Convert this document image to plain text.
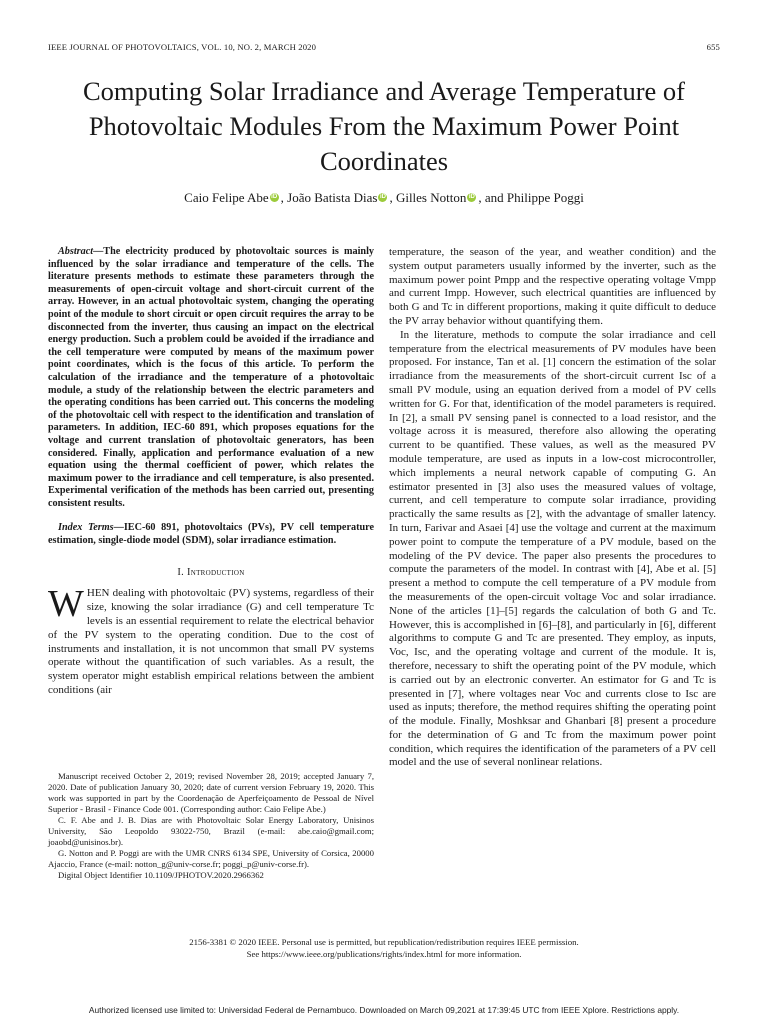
IEEE JOURNAL OF PHOTOVOLTAICS, VOL. 10, NO. 2, MARCH 2020	655
Computing Solar Irradiance and Average Temperature of Photovoltaic Modules From the Maximum Power Point Coordinates
Caio Felipe Abe iD , João Batista Dias iD , Gilles Notton iD , and Philippe Poggi
Abstract—The electricity produced by photovoltaic sources is mainly influenced by the solar irradiance and temperature of the cells. The literature presents methods to estimate these parameters through the measurements of open-circuit voltage and short-circuit current of the array. However, in an actual photovoltaic system, changing the operating point of the module to short circuit or open circuit requires the array to be disconnected from the inverter, thus causing an impact on the electrical energy production. Such a problem could be avoided if the irradiance and the cell temperature were computed by means of the maximum power point coordinates, which is the focus of this article. To perform the calculation of the irradiance and the temperature of a photovoltaic module, a study of the relationship between the electric parameters and the operating conditions has been carried out. This concerns the modeling of the photovoltaic cell with respect to the identification and translation of parameters. In addition, IEC-60 891, which proposes equations for the voltage and current translation of photovoltaic generators, has been considered. Finally, application and performance evaluation of a new equation using the thermal coefficient of power, which relates the maximum power to the irradiance and cell temperature, is also presented. Experimental verification of the methods has been carried out, presenting consistent results.
Index Terms—IEC-60 891, photovoltaics (PVs), PV cell temperature estimation, single-diode model (SDM), solar irradiance estimation.
I. Introduction

WHEN dealing with photovoltaic (PV) systems, regardless of their size, knowing the solar irradiance (G) and cell temperature Tc levels is an essential requirement to relate the electrical behavior of the PV system to the operating condition. Due to the cost of instruments and installation, it is not uncommon that small PV systems operate without the quantification of such variables. As a result, the system operator might establish empirical relations between the ambient conditions (air

Manuscript received October 2, 2019; revised November 28, 2019; accepted January 7, 2020. Date of publication January 30, 2020; date of current version February 19, 2020. This work was supported in part by the Coordenação de Aperfeiçoamento de Pessoal de Nível Superior - Brasil - Finance Code 001. (Corresponding author: Caio Felipe Abe.)

C. F. Abe and J. B. Dias are with Photovoltaic Solar Energy Laboratory, Unisinos University, São Leopoldo 93022-750, Brazil (e-mail: abe.caio@gmail.com; joaobd@unisinos.br).

G. Notton and P. Poggi are with the UMR CNRS 6134 SPE, University of Corsica, 20000 Ajaccio, France (e-mail: notton_g@univ-corse.fr; poggi_p@univ-corse.fr).

Digital Object Identifier 10.1109/JPHOTOV.2020.2966362

temperature, the season of the year, and weather condition) and the system output parameters usually informed by the inverter, such as the maximum power point Pmpp and the respective operating voltage Vmpp and current Impp. However, such electrical quantities are influenced by both G and Tc in different proportions, making it quite difficult to deduce the PV array behavior without quantifying them.

In the literature, methods to compute the solar irradiance and cell temperature from the electrical measurements of PV modules have been proposed. For instance, Tan et al. [1] concern the estimation of the solar irradiance from the measurements of the short-circuit current Isc of a small PV module, using an equation derived from a model of PV cells written for G. For that, identification of the model parameters is required. In [2], a small PV sensing panel is connected to a load resistor, and the voltage across it is measured, therefore also allowing the operating current to be quantified. These values, as well as the measured PV module temperature, are used as inputs in a low-cost microcontroller, which implements a neural network capable of computing G. An estimator presented in [3] also uses the measured values of voltage, current, and cell temperature to compute solar irradiance, providing practically the same results as [2], with the advantage of smaller latency. In turn, Farivar and Asaei [4] use the voltage and current at the maximum power point to compute the temperature of a PV module, based on the modeling of the PV device. The paper also presents the procedures to compute the parameters of the model. In contrast with [4], Abe et al. [5] present a method to compute the cell temperature of a PV module from the measurements of the open-circuit voltage Voc and solar irradiance. None of the articles [1]–[5] regards the calculation of both G and Tc. However, this is accomplished in [6]–[8], and particularly in [6], different algorithms to compute G and Tc are presented. They employ, as inputs, Voc, Isc, and the operating voltage and current of the module. It is, therefore, necessary to shift the operating point of the PV module, which is carried out by an electronic converter. An estimator for G and Tc is presented in [7], where voltages near Voc and currents close to Isc are used as inputs; therefore, the method requires shifting the operating point of the module. Finally, Moshksar and Ghanbari [8] present a procedure for the determination of G and Tc from the maximum power point condition, which requires the identification of the parameters of a PV cell model and the use of several nonlinear relations.

2156-3381 © 2020 IEEE. Personal use is permitted, but republication/redistribution requires IEEE permission.
See https://www.ieee.org/publications/rights/index.html for more information.
Authorized licensed use limited to: Universidad Federal de Pernambuco. Downloaded on March 09,2021 at 17:39:45 UTC from IEEE Xplore. Restrictions apply.
